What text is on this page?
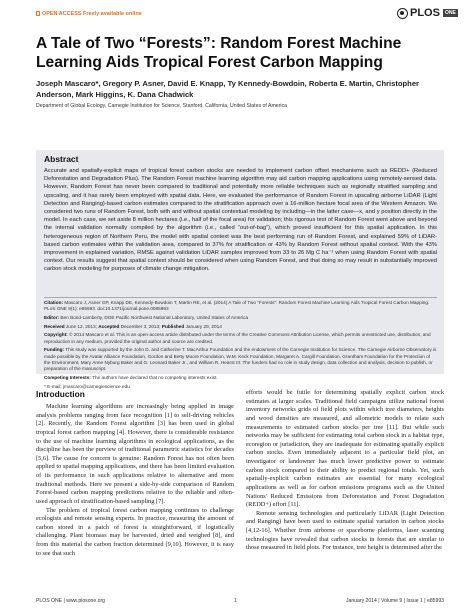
OPEN ACCESS Freely available online	PLOS	ONE
A Tale of Two “Forests”: Random Forest Machine Learning Aids Tropical Forest Carbon Mapping
Joseph Mascaro*, Gregory P. Asner, David E. Knapp, Ty Kennedy-Bowdoin, Roberta E. Martin, Christopher Anderson, Mark Higgins, K. Dana Chadwick
Department of Global Ecology, Carnegie Institution for Science, Stanford, California, United States of America
Abstract
Accurate and spatially-explicit maps of tropical forest carbon stocks are needed to implement carbon offset mechanisms such as REDD+ (Reduced Deforestation and Degradation Plus). The Random Forest machine learning algorithm may aid carbon mapping applications using remotely-sensed data. However, Random Forest has never been compared to traditional and potentially more reliable techniques such as regionally stratified sampling and upscaling, and it has rarely been employed with spatial data. Here, we evaluated the performance of Random Forest in upscaling airborne LiDAR (Light Detection and Ranging)-based carbon estimates compared to the stratification approach over a 16-million hectare focal area of the Western Amazon. We considered two runs of Random Forest, both with and without spatial contextual modeling by including—in the latter case—x, and y position directly in the model. In each case, we set aside 8 million hectares (i.e., half of the focal area) for validation; this rigorous test of Random Forest went above and beyond the internal validation normally compiled by the algorithm (i.e., called “out-of-bag”), which proved insufficient for this spatial application. In this heterogeneous region of Northern Peru, the model with spatial context was the best performing run of Random Forest, and explained 59% of LiDAR-based carbon estimates within the validation area, compared to 37% for stratification or 43% by Random Forest without spatial context. With the 43% improvement in explained variation, RMSE against validation LiDAR samples improved from 33 to 26 Mg C ha⁻¹ when using Random Forest with spatial context. Our results suggest that spatial context should be considered when using Random Forest, and that doing so may result in substantially improved carbon stock modeling for purposes of climate change mitigation.

Citation: Mascaro J, Asner GP, Knapp DE, Kennedy-Bowdoin T, Martin RE, et al. (2014) A Tale of Two “Forests”: Random Forest Machine Learning Aids Tropical Forest Carbon Mapping. PLoS ONE 9(1): e85993. doi:10.1371/journal.pone.0085993

Editor: Ben Bond-Lamberty, DOE Pacific Northwest National Laboratory, United States of America

Received June 12, 2013; Accepted December 3, 2013; Published January 29, 2014

Copyright: © 2014 Mascaro et al. This is an open-access article distributed under the terms of the Creative Commons Attribution License, which permits unrestricted use, distribution, and reproduction in any medium, provided the original author and source are credited.

Funding: This study was supported by the John D. and Catherine T. MacArthur Foundation and the endowment of the Carnegie Institution for Science. The Carnegie Airborne Observatory is made possible by the Avatar Alliance Foundation, Gordon and Betty Moore Foundation, W.M. Keck Foundation, Margaret A. Cargill Foundation, Grantham Foundation for the Protection of the Environment, Mary Anne Nyburg Baker and G. Leonard Baker Jr., and William R. Hearst III. The funders had no role in study design, data collection and analysis, decision to publish, or preparation of the manuscript.

Competing Interests: The authors have declared that no competing interests exist.

* E-mail: jmascaro@carnegiescience.edu

Introduction

Machine learning algorithms are increasingly being applied in image analysis problems ranging from face recognition [1] to self-driving vehicles [2]. Recently, the Random Forest algorithm [3] has been used in global tropical forest carbon mapping [4]. However, there is considerable resistance to the use of machine learning algorithms in ecological applications, as the discipline has been the purview of traditional parametric statistics for decades [5,6]. The cause for concern is genuine: Random Forest has not often been applied to spatial mapping applications, and there has been limited evaluation of its performance in such applications relative to alternative and more traditional methods. Here we present a side-by-side comparison of Random Forest-based carbon mapping predictions relative to the reliable and often-used approach of stratification-based sampling [7].

The problem of tropical forest carbon mapping continues to challenge ecologists and remote sensing experts. In practice, measuring the amount of carbon stored in a patch of forest is straightforward, if logistically challenging. Plant biomass may be harvested, dried and weighed [8], and from this material the carbon fraction determined [9,10]. However, it is easy to see that such

efforts would be futile for determining spatially explicit carbon stock estimates at larger scales. Traditional field campaigns utilize national forest inventory networks grids of field plots within which tree diameters, heights and wood densities are measured, and allometric models to relate such measurements to estimated carbon stocks per tree [11]. But while such networks may be sufficient for estimating total carbon stock in a habitat type, ecoregion or jurisdiction, they are inadequate for estimating spatially explicit carbon stocks. Even immediately adjacent to a particular field plot, an investigator or landowner has much lower predictive power to estimate carbon stock compared to their ability to predict regional totals. Yet, such spatially-explicit carbon estimates are essential for many ecological applications as well as for carbon emissions programs such as the United Nations' Reduced Emissions from Deforestation and Forest Degradation (REDD+) effort [11].

Remote sensing technologies and particularly LiDAR (Light Detection and Ranging) have been used to estimate spatial variation in carbon stocks [4,12-16]. Whether from airborne or spaceborne platforms, laser scanning technologies have revealed that carbon stocks in forests that are similar to those measured in field plots. For instance, tree height is determined after the

PLOS ONE | www.plosone.org	1	January 2014 | Volume 9 | Issue 1 | e85993
